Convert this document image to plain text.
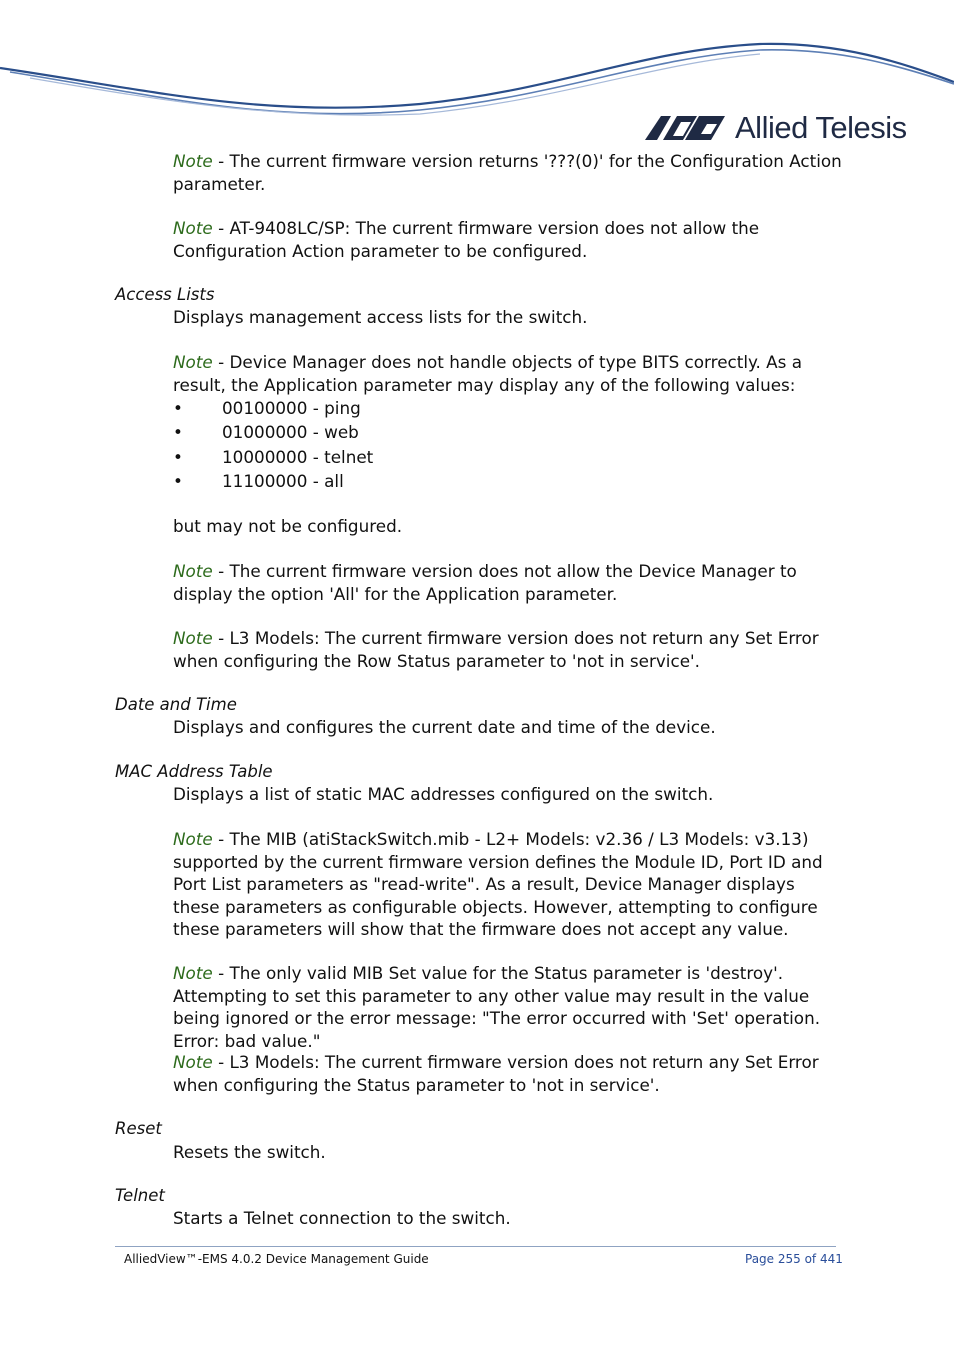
Allied Telesis

Note - The current firmware version returns '???(0)' for the Configuration Action parameter.

Note - AT-9408LC/SP: The current firmware version does not allow the Configuration Action parameter to be configured.

Access Lists

Displays management access lists for the switch.

Note - Device Manager does not handle objects of type BITS correctly. As a result, the Application parameter may display any of the following values:

•	00100000 - ping
•	01000000 - web
•	10000000 - telnet
•	11100000 - all

but may not be configured.

Note - The current firmware version does not allow the Device Manager to display the option 'All' for the Application parameter.

Note - L3 Models: The current firmware version does not return any Set Error when configuring the Row Status parameter to 'not in service'.

Date and Time

Displays and configures the current date and time of the device.

MAC Address Table

Displays a list of static MAC addresses configured on the switch.

Note - The MIB (atiStackSwitch.mib - L2+ Models: v2.36 / L3 Models: v3.13) supported by the current firmware version defines the Module ID, Port ID and Port List parameters as "read-write". As a result, Device Manager displays these parameters as configurable objects. However, attempting to configure these parameters will show that the firmware does not accept any value.

Note - The only valid MIB Set value for the Status parameter is 'destroy'. Attempting to set this parameter to any other value may result in the value being ignored or the error message: "The error occurred with 'Set' operation. Error: bad value."

Note - L3 Models: The current firmware version does not return any Set Error when configuring the Status parameter to 'not in service'.

Reset

Resets the switch.

Telnet

Starts a Telnet connection to the switch.

AlliedView™-EMS 4.0.2 Device Management Guide	Page 255 of 441
